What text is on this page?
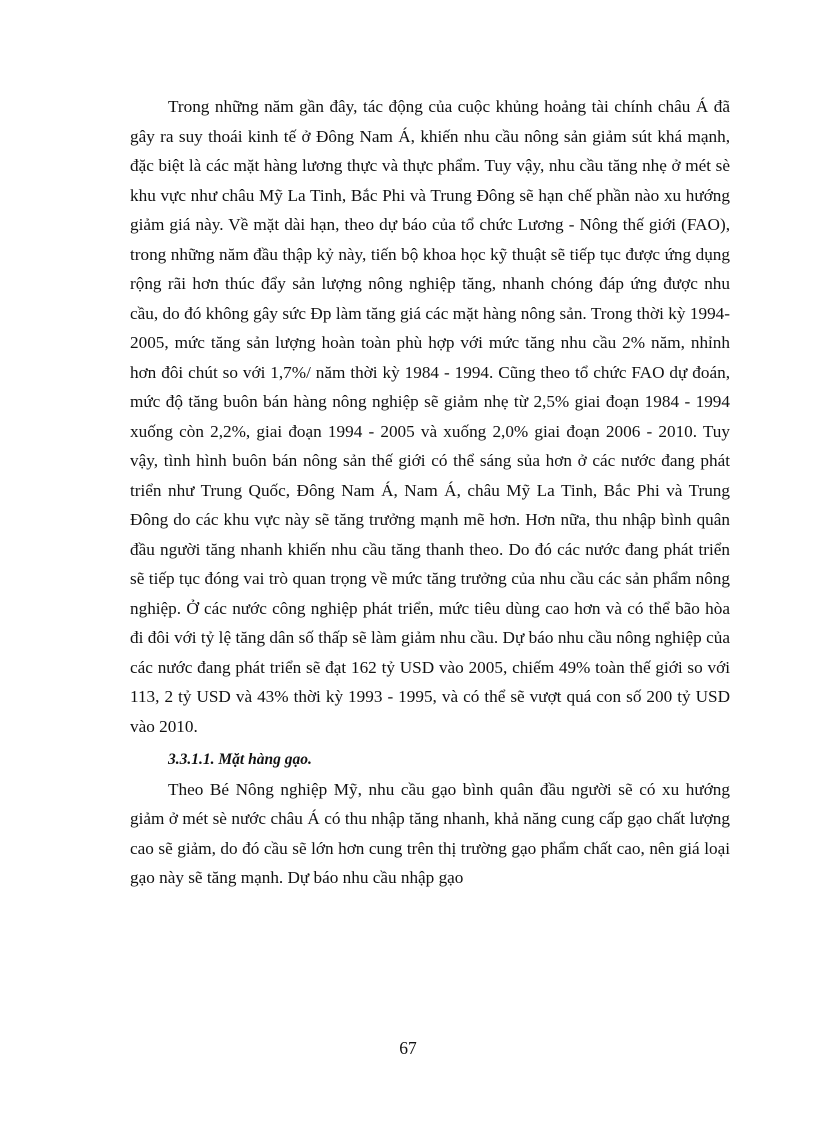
Trong những năm gần đây, tác động của cuộc khủng hoảng tài chính châu Á đã gây ra suy thoái kinh tế ở Đông Nam Á, khiến nhu cầu nông sản giảm sút khá mạnh, đặc biệt là các mặt hàng lương thực và thực phẩm. Tuy vậy, nhu cầu tăng nhẹ ở mét sè khu vực như châu Mỹ La Tinh, Bắc Phi và Trung Đông sẽ hạn chế phần nào xu hướng giảm giá này. Về mặt dài hạn, theo dự báo của tổ chức Lương - Nông thế giới (FAO), trong những năm đầu thập kỷ này, tiến bộ khoa học kỹ thuật sẽ tiếp tục được ứng dụng rộng rãi hơn thúc đẩy sản lượng nông nghiệp tăng, nhanh chóng đáp ứng được nhu cầu, do đó không gây sức Ðp làm tăng giá các mặt hàng nông sản. Trong thời kỳ 1994-2005, mức tăng sản lượng hoàn toàn phù hợp với mức tăng nhu cầu 2% năm, nhỉnh hơn đôi chút so với 1,7%/ năm thời kỳ 1984 - 1994. Cũng theo tổ chức FAO dự đoán, mức độ tăng buôn bán hàng nông nghiệp sẽ giảm nhẹ từ 2,5% giai đoạn 1984 - 1994 xuống còn 2,2%, giai đoạn 1994 - 2005 và xuống 2,0% giai đoạn 2006 - 2010. Tuy vậy, tình hình buôn bán nông sản thế giới có thể sáng sủa hơn ở các nước đang phát triển như Trung Quốc, Đông Nam Á, Nam Á, châu Mỹ La Tinh, Bắc Phi và Trung Đông do các khu vực này sẽ tăng trưởng mạnh mẽ hơn. Hơn nữa, thu nhập bình quân đầu người tăng nhanh khiến nhu cầu tăng thanh theo. Do đó các nước đang phát triển sẽ tiếp tục đóng vai trò quan trọng về mức tăng trưởng của nhu cầu các sản phẩm nông nghiệp. Ở các nước công nghiệp phát triển, mức tiêu dùng cao hơn và có thể bão hòa đi đôi với tỷ lệ tăng dân số thấp sẽ làm giảm nhu cầu. Dự báo nhu cầu nông nghiệp của các nước đang phát triển sẽ đạt 162 tỷ USD vào 2005, chiếm 49% toàn thế giới so với 113, 2 tỷ USD và 43% thời kỳ 1993 - 1995, và có thể sẽ vượt quá con số 200 tỷ USD vào 2010.

3.3.1.1. Mặt hàng gạo.

Theo Bé Nông nghiệp Mỹ, nhu cầu gạo bình quân đầu người sẽ có xu hướng giảm ở mét sè nước châu Á có thu nhập tăng nhanh, khả năng cung cấp gạo chất lượng cao sẽ giảm, do đó cầu sẽ lớn hơn cung trên thị trường gạo phẩm chất cao, nên giá loại gạo này sẽ tăng mạnh. Dự báo nhu cầu nhập gạo

67
